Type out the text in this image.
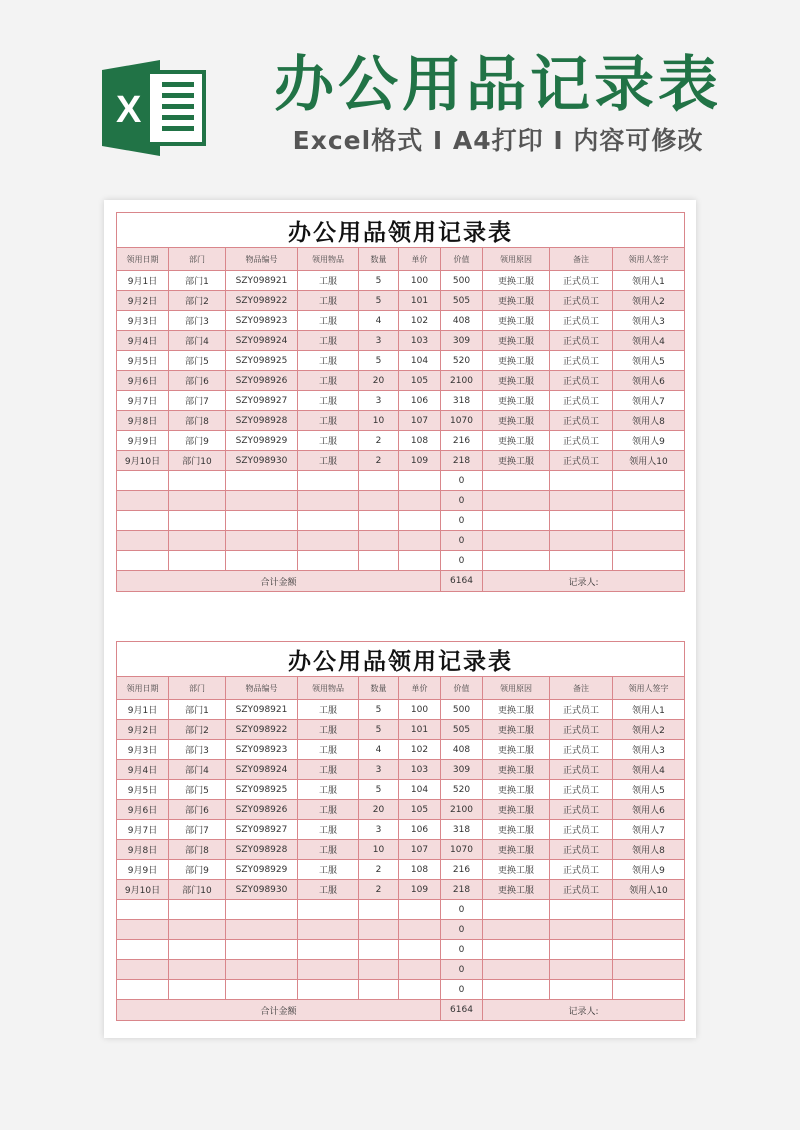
X	办公用品记录表
Excel格式 I A4打印 I 内容可修改
办公用品领用记录表									
领用日期	部门	物品编号	领用物品	数量	单价	价值	领用原因	备注	领用人签字
9月1日	部门1	SZY098921	工服	5	100	500	更换工服	正式员工	领用人1
9月2日	部门2	SZY098922	工服	5	101	505	更换工服	正式员工	领用人2
9月3日	部门3	SZY098923	工服	4	102	408	更换工服	正式员工	领用人3
9月4日	部门4	SZY098924	工服	3	103	309	更换工服	正式员工	领用人4
9月5日	部门5	SZY098925	工服	5	104	520	更换工服	正式员工	领用人5
9月6日	部门6	SZY098926	工服	20	105	2100	更换工服	正式员工	领用人6
9月7日	部门7	SZY098927	工服	3	106	318	更换工服	正式员工	领用人7
9月8日	部门8	SZY098928	工服	10	107	1070	更换工服	正式员工	领用人8
9月9日	部门9	SZY098929	工服	2	108	216	更换工服	正式员工	领用人9
9月10日	部门10	SZY098930	工服	2	109	218	更换工服	正式员工	领用人10
						0			
						0			
						0			
						0			
						0			
合计金额						6164	记录人:		
办公用品领用记录表									
领用日期	部门	物品编号	领用物品	数量	单价	价值	领用原因	备注	领用人签字
9月1日	部门1	SZY098921	工服	5	100	500	更换工服	正式员工	领用人1
9月2日	部门2	SZY098922	工服	5	101	505	更换工服	正式员工	领用人2
9月3日	部门3	SZY098923	工服	4	102	408	更换工服	正式员工	领用人3
9月4日	部门4	SZY098924	工服	3	103	309	更换工服	正式员工	领用人4
9月5日	部门5	SZY098925	工服	5	104	520	更换工服	正式员工	领用人5
9月6日	部门6	SZY098926	工服	20	105	2100	更换工服	正式员工	领用人6
9月7日	部门7	SZY098927	工服	3	106	318	更换工服	正式员工	领用人7
9月8日	部门8	SZY098928	工服	10	107	1070	更换工服	正式员工	领用人8
9月9日	部门9	SZY098929	工服	2	108	216	更换工服	正式员工	领用人9
9月10日	部门10	SZY098930	工服	2	109	218	更换工服	正式员工	领用人10
						0			
						0			
						0			
						0			
						0			
合计金额						6164	记录人:		
